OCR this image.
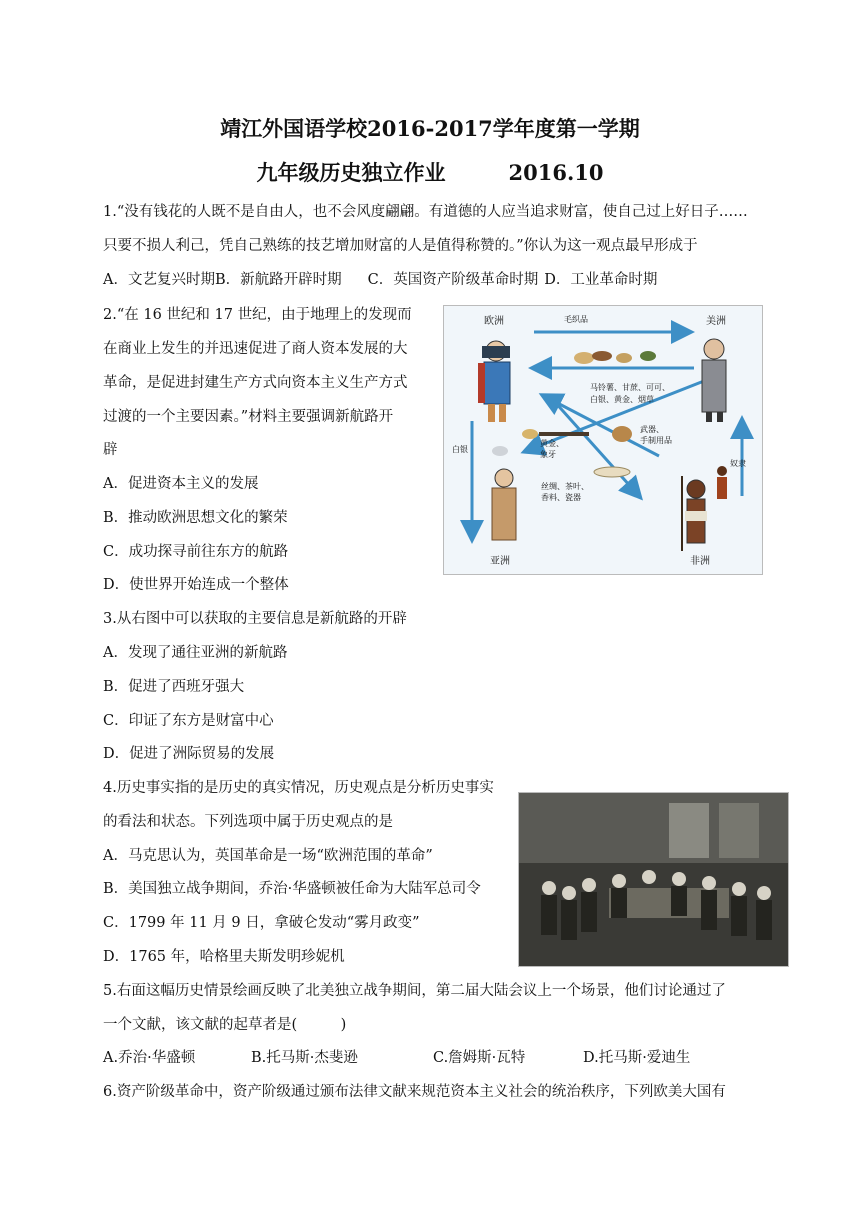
靖江外国语学校2016-2017学年度第一学期
九年级历史独立作业　　　2016.10
1.“没有钱花的人既不是自由人，也不会风度翩翩。有道德的人应当追求财富，使自己过上好日子……
只要不损人利己，凭自己熟练的技艺增加财富的人是值得称赞的。”你认为这一观点最早形成于
A．文艺复兴时期B．新航路开辟时期 C．英国资产阶级革命时期 D．工业革命时期
2.“在 16 世纪和 17 世纪，由于地理上的发现而
在商业上发生的并迅速促进了商人资本发展的大
革命，是促进封建生产方式向资本主义生产方式
过渡的一个主要因素。”材料主要强调新航路开
辟
A．促进资本主义的发展
B．推动欧洲思想文化的繁荣
C．成功探寻前往东方的航路
D．使世界开始连成一个整体
3.从右图中可以获取的主要信息是新航路的开辟
A．发现了通往亚洲的新航路
B．促进了西班牙强大
C．印证了东方是财富中心
D．促进了洲际贸易的发展
4.历史事实指的是历史的真实情况，历史观点是分析历史事实
的看法和状态。下列选项中属于历史观点的是
A．马克思认为，英国革命是一场“欧洲范围的革命”
B．美国独立战争期间，乔治·华盛顿被任命为大陆军总司令
C．1799 年 11 月 9 日，拿破仑发动“雾月政变”
D．1765 年，哈格里夫斯发明珍妮机
5.右面这幅历史情景绘画反映了北美独立战争期间，第二届大陆会议上一个场景，他们讨论通过了
一个文献，该文献的起草者是(　　　)
A.乔治·华盛顿	B.托马斯·杰斐逊	C.詹姆斯·瓦特	D.托马斯·爱迪生
6.资产阶级革命中，资产阶级通过颁布法律文献来规范资本主义社会的统治秩序，下列欧美大国有
欧洲	美洲
亚洲	非洲
毛织品
白银
奴隶
马铃薯、甘蔗、可可、
白银、黄金、烟草
武器、
手制用品
黄金、
象牙
丝绸、茶叶、
香料、瓷器
